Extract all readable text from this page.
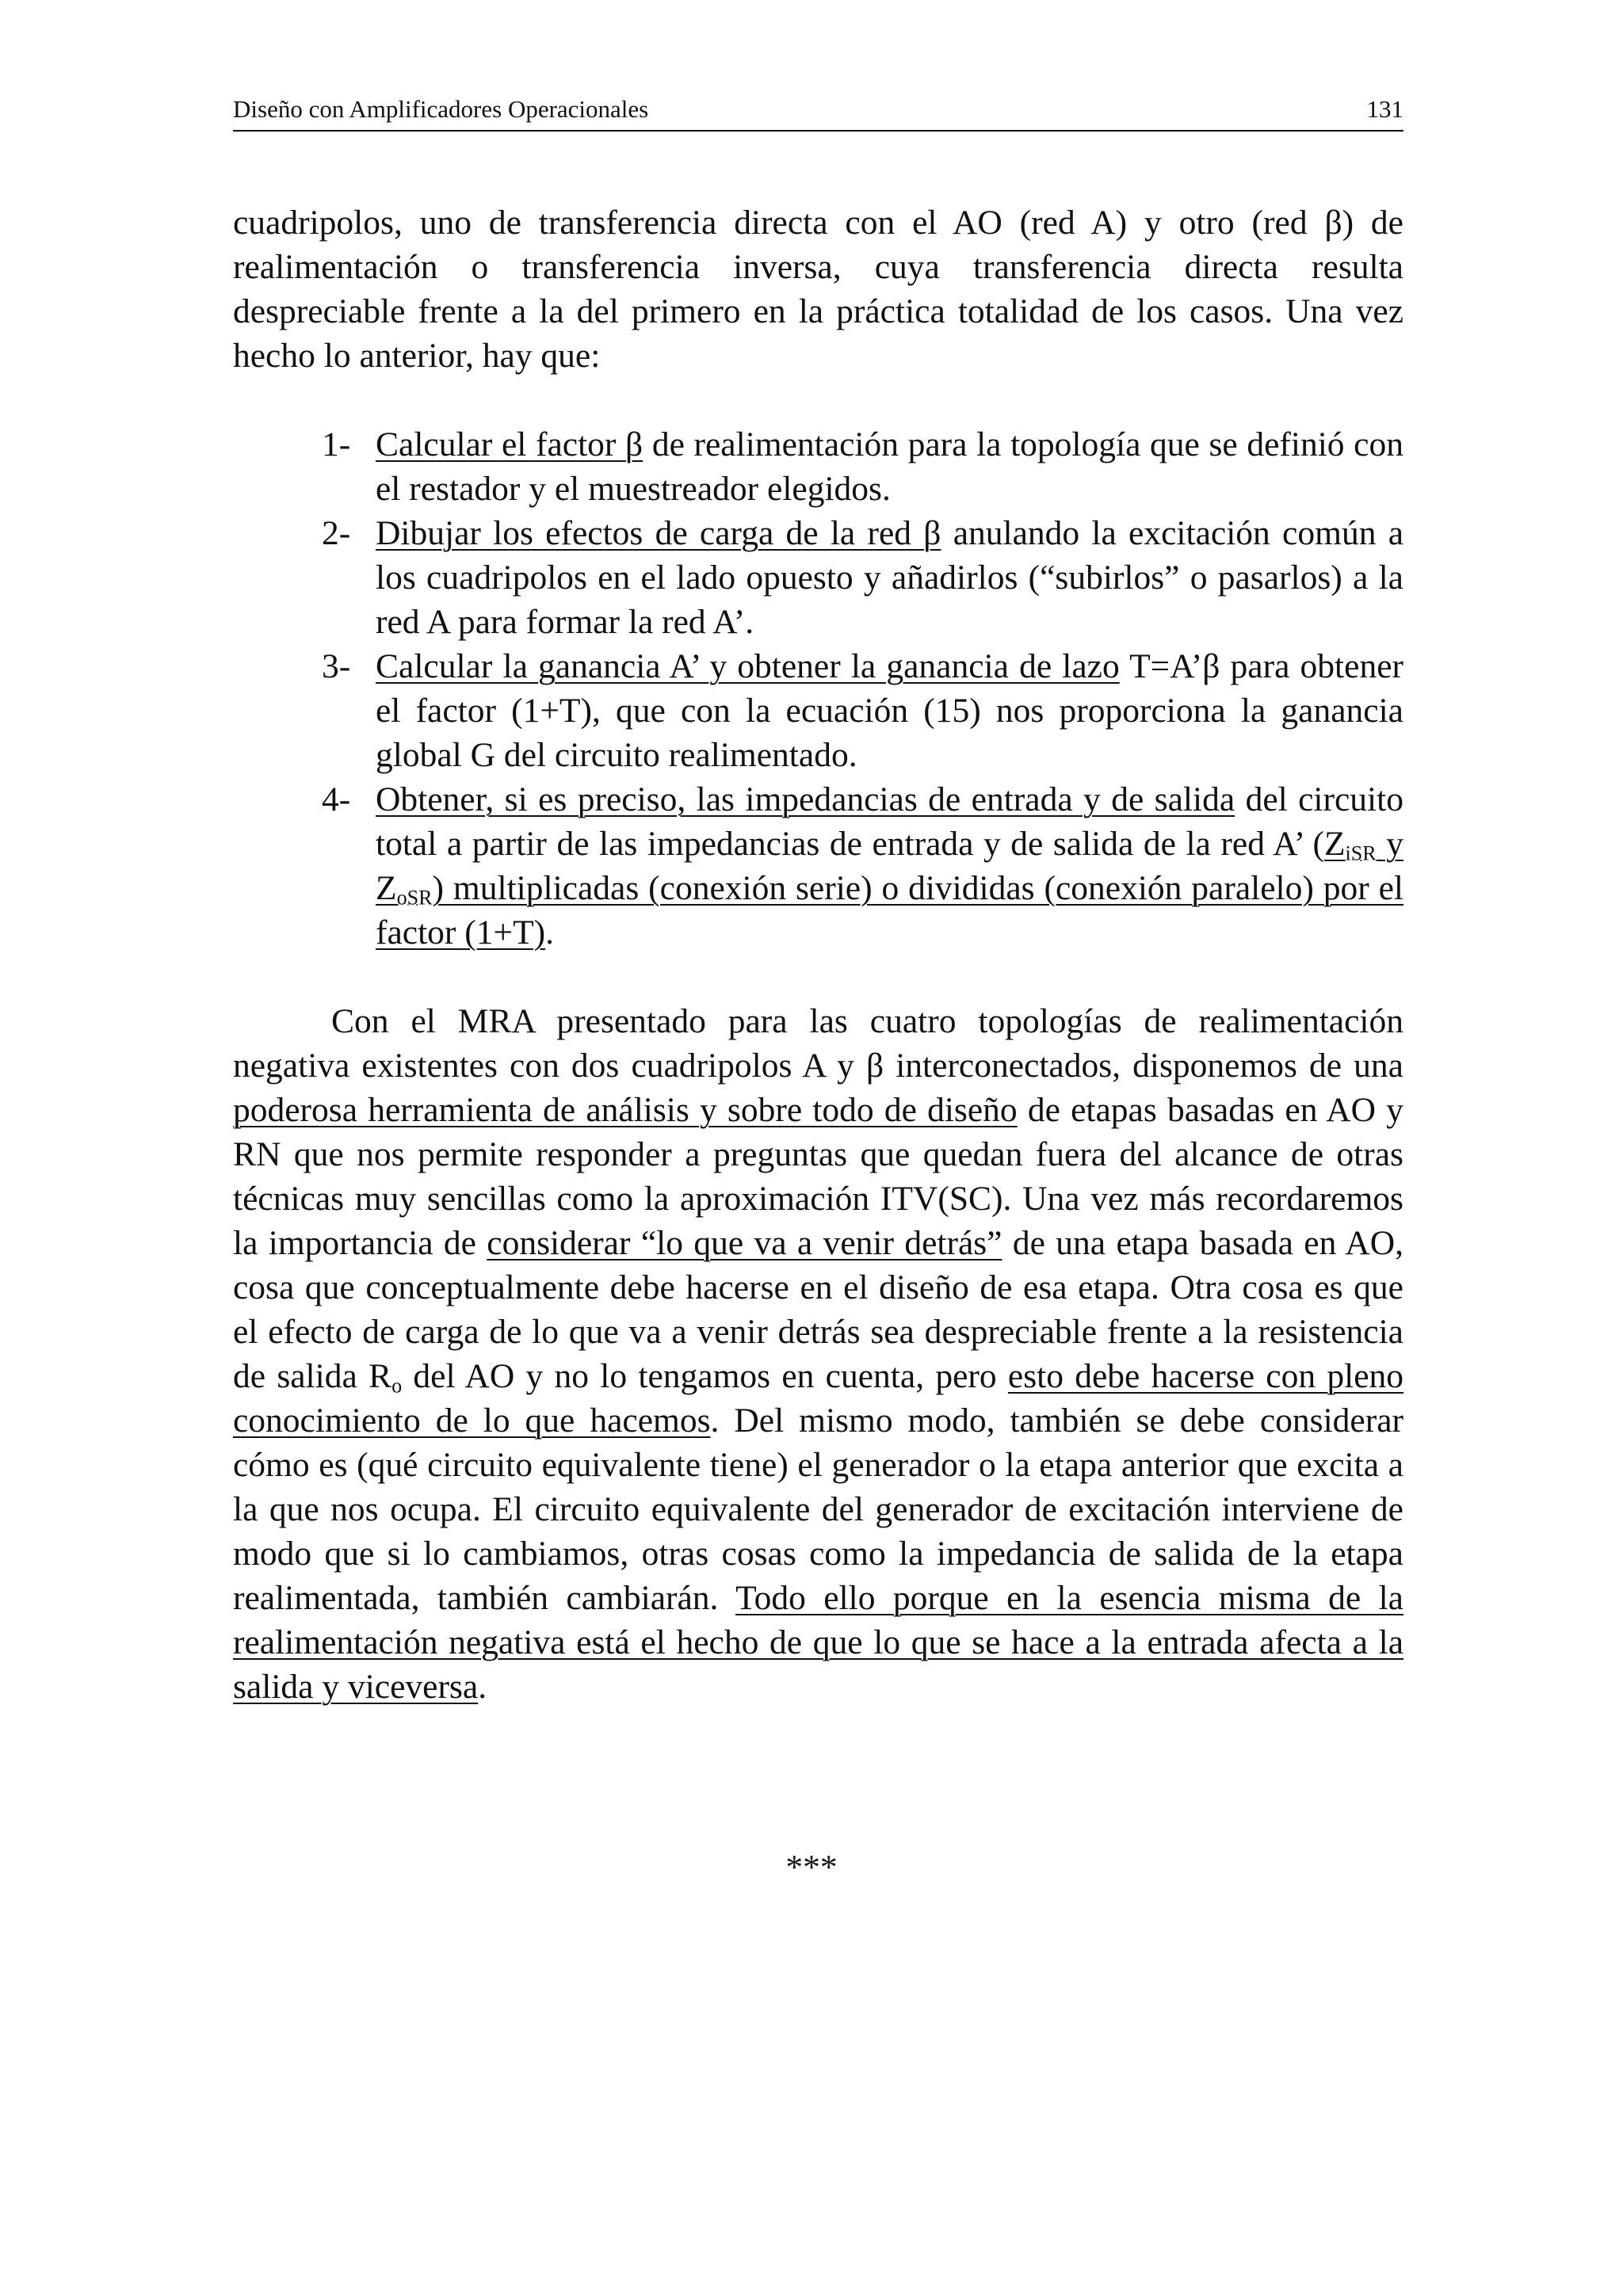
Diseño con Amplificadores Operacionales	131

cuadripolos, uno de transferencia directa con el AO (red A) y otro (red β) de realimentación o transferencia inversa, cuya transferencia directa resulta despreciable frente a la del primero en la práctica totalidad de los casos. Una vez hecho lo anterior, hay que:

1- Calcular el factor β de realimentación para la topología que se definió con el restador y el muestreador elegidos.
2- Dibujar los efectos de carga de la red β anulando la excitación común a los cuadripolos en el lado opuesto y añadirlos (“subirlos” o pasarlos) a la red A para formar la red A’.
3- Calcular la ganancia A’ y obtener la ganancia de lazo T=A’β para obtener el factor (1+T), que con la ecuación (15) nos proporciona la ganancia global G del circuito realimentado.
4- Obtener, si es preciso, las impedancias de entrada y de salida del circuito total a partir de las impedancias de entrada y de salida de la red A’ ($Z_{iSR}$ y $Z_{oSR}$) multiplicadas (conexión serie) o divididas (conexión paralelo) por el factor (1+T).

Con el MRA presentado para las cuatro topologías de realimentación negativa existentes con dos cuadripolos A y β interconectados, disponemos de una poderosa herramienta de análisis y sobre todo de diseño de etapas basadas en AO y RN que nos permite responder a preguntas que quedan fuera del alcance de otras técnicas muy sencillas como la aproximación ITV(SC). Una vez más recordaremos la importancia de considerar “lo que va a venir detrás” de una etapa basada en AO, cosa que conceptualmente debe hacerse en el diseño de esa etapa. Otra cosa es que el efecto de carga de lo que va a venir detrás sea despreciable frente a la resistencia de salida $R_o$ del AO y no lo tengamos en cuenta, pero esto debe hacerse con pleno conocimiento de lo que hacemos. Del mismo modo, también se debe considerar cómo es (qué circuito equivalente tiene) el generador o la etapa anterior que excita a la que nos ocupa. El circuito equivalente del generador de excitación interviene de modo que si lo cambiamos, otras cosas como la impedancia de salida de la etapa realimentada, también cambiarán. Todo ello porque en la esencia misma de la realimentación negativa está el hecho de que lo que se hace a la entrada afecta a la salida y viceversa.

***
